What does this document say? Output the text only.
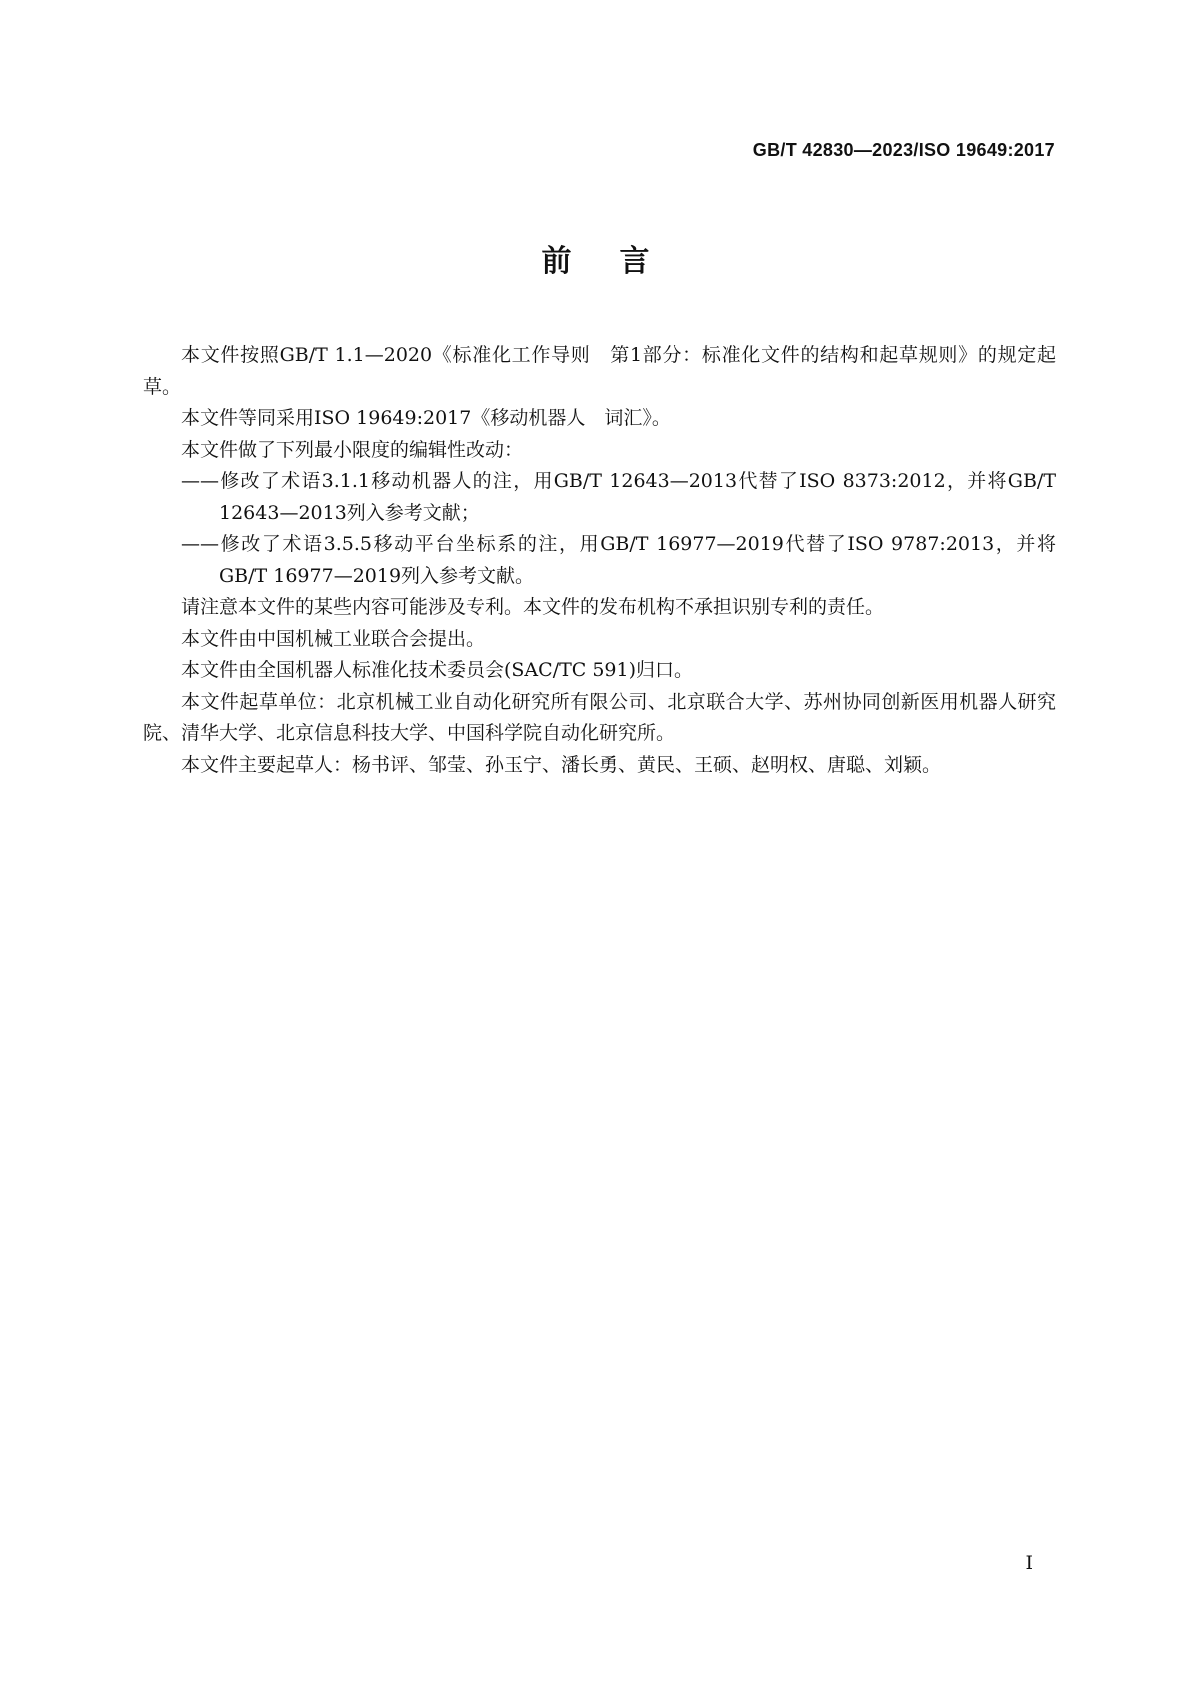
GB/T 42830—2023/ISO 19649:2017
前言

本文件按照GB/T 1.1—2020《标准化工作导则　第1部分：标准化文件的结构和起草规则》的规定起草。

本文件等同采用ISO 19649:2017《移动机器人　词汇》。

本文件做了下列最小限度的编辑性改动：

——修改了术语3.1.1移动机器人的注，用GB/T 12643—2013代替了ISO 8373:2012，并将GB/T 12643—2013列入参考文献；
——修改了术语3.5.5移动平台坐标系的注，用GB/T 16977—2019代替了ISO 9787:2013，并将GB/T 16977—2019列入参考文献。

请注意本文件的某些内容可能涉及专利。本文件的发布机构不承担识别专利的责任。

本文件由中国机械工业联合会提出。

本文件由全国机器人标准化技术委员会(SAC/TC 591)归口。

本文件起草单位：北京机械工业自动化研究所有限公司、北京联合大学、苏州协同创新医用机器人研究院、清华大学、北京信息科技大学、中国科学院自动化研究所。

本文件主要起草人：杨书评、邹莹、孙玉宁、潘长勇、黄民、王硕、赵明权、唐聪、刘颖。

I
